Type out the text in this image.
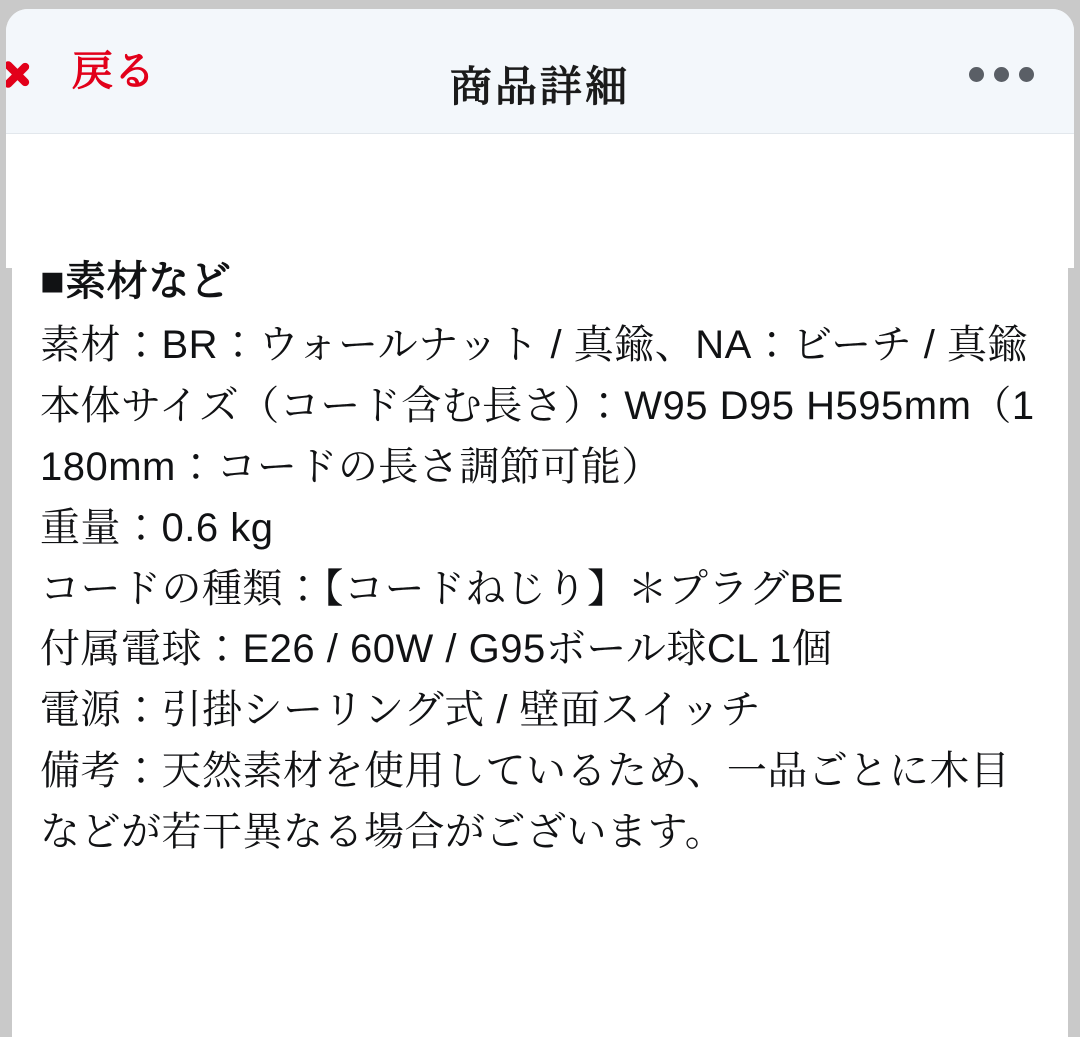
戻る	商品詳細

■素材など

素材：BR：ウォールナット / 真鍮、NA：ビーチ / 真鍮

本体サイズ（コード含む長さ）：W95 D95 H595mm（1180mm：コードの長さ調節可能）

重量：0.6 kg

コードの種類：【コードねじり】＊プラグBE

付属電球：E26 / 60W / G95ボール球CL 1個

電源：引掛シーリング式 / 壁面スイッチ

備考：天然素材を使用しているため、一品ごとに木目などが若干異なる場合がございます。
